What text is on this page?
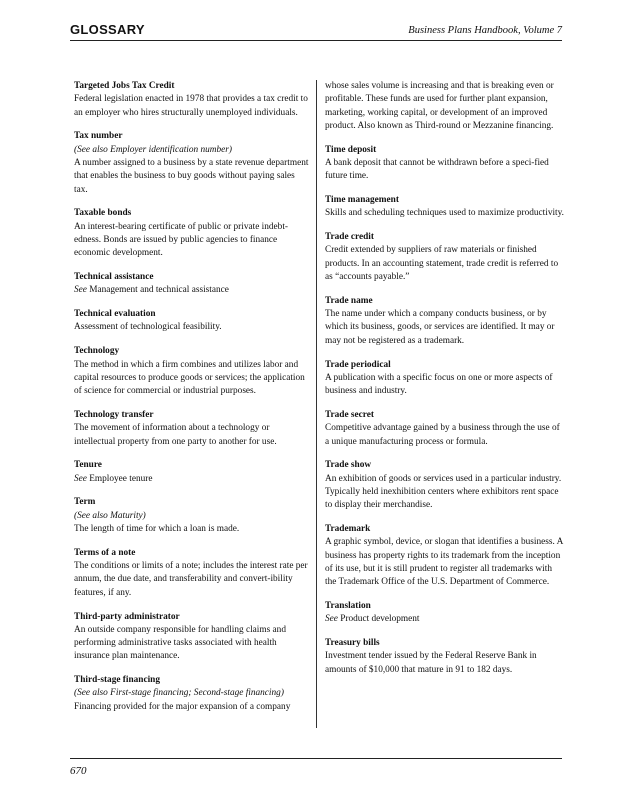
GLOSSARY	Business Plans Handbook, Volume 7
Targeted Jobs Tax Credit
Federal legislation enacted in 1978 that provides a tax credit to an employer who hires structurally unemployed individuals.
Tax number
(See also Employer identification number)
A number assigned to a business by a state revenue department that enables the business to buy goods without paying sales tax.
Taxable bonds
An interest-bearing certificate of public or private indebt-edness. Bonds are issued by public agencies to finance economic development.
Technical assistance
See Management and technical assistance
Technical evaluation
Assessment of technological feasibility.
Technology
The method in which a firm combines and utilizes labor and capital resources to produce goods or services; the application of science for commercial or industrial purposes.
Technology transfer
The movement of information about a technology or intellectual property from one party to another for use.
Tenure
See Employee tenure
Term
(See also Maturity)
The length of time for which a loan is made.
Terms of a note
The conditions or limits of a note; includes the interest rate per annum, the due date, and transferability and convert-ibility features, if any.
Third-party administrator
An outside company responsible for handling claims and performing administrative tasks associated with health insurance plan maintenance.
Third-stage financing
(See also First-stage financing; Second-stage financing)
Financing provided for the major expansion of a company
whose sales volume is increasing and that is breaking even or profitable. These funds are used for further plant expansion, marketing, working capital, or development of an improved product. Also known as Third-round or Mezzanine financing.
Time deposit
A bank deposit that cannot be withdrawn before a speci-fied future time.
Time management
Skills and scheduling techniques used to maximize productivity.
Trade credit
Credit extended by suppliers of raw materials or finished products. In an accounting statement, trade credit is referred to as “accounts payable.”
Trade name
The name under which a company conducts business, or by which its business, goods, or services are identified. It may or may not be registered as a trademark.
Trade periodical
A publication with a specific focus on one or more aspects of business and industry.
Trade secret
Competitive advantage gained by a business through the use of a unique manufacturing process or formula.
Trade show
An exhibition of goods or services used in a particular industry. Typically held inexhibition centers where exhibitors rent space to display their merchandise.
Trademark
A graphic symbol, device, or slogan that identifies a business. A business has property rights to its trademark from the inception of its use, but it is still prudent to register all trademarks with the Trademark Office of the U.S. Department of Commerce.
Translation
See Product development
Treasury bills
Investment tender issued by the Federal Reserve Bank in amounts of $10,000 that mature in 91 to 182 days.
670
